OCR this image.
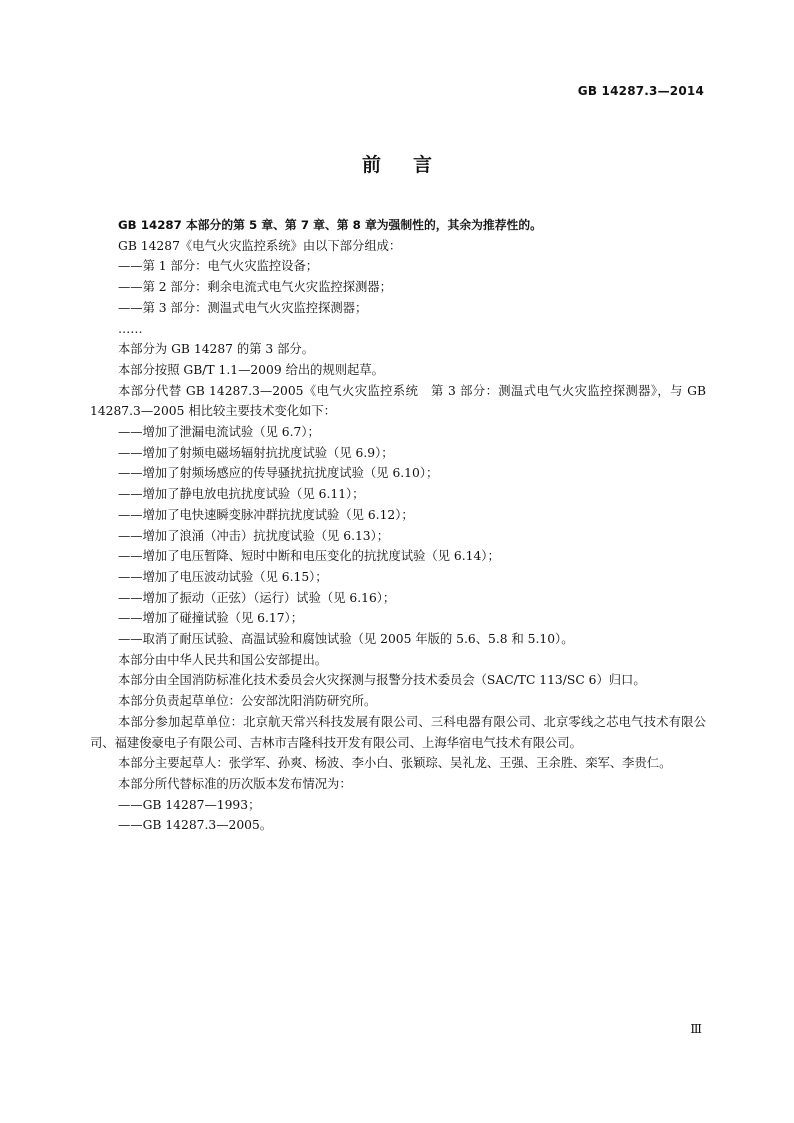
GB 14287.3—2014
前言

GB 14287 本部分的第 5 章、第 7 章、第 8 章为强制性的，其余为推荐性的。

GB 14287《电气火灾监控系统》由以下部分组成：

——第 1 部分：电气火灾监控设备；

——第 2 部分：剩余电流式电气火灾监控探测器；

——第 3 部分：测温式电气火灾监控探测器；

……

本部分为 GB 14287 的第 3 部分。

本部分按照 GB/T 1.1—2009 给出的规则起草。

本部分代替 GB 14287.3—2005《电气火灾监控系统　第 3 部分：测温式电气火灾监控探测器》，与 GB 14287.3—2005 相比较主要技术变化如下：

——增加了泄漏电流试验（见 6.7）；

——增加了射频电磁场辐射抗扰度试验（见 6.9）；

——增加了射频场感应的传导骚扰抗扰度试验（见 6.10）；

——增加了静电放电抗扰度试验（见 6.11）；

——增加了电快速瞬变脉冲群抗扰度试验（见 6.12）；

——增加了浪涌（冲击）抗扰度试验（见 6.13）；

——增加了电压暂降、短时中断和电压变化的抗扰度试验（见 6.14）；

——增加了电压波动试验（见 6.15）；

——增加了振动（正弦）（运行）试验（见 6.16）；

——增加了碰撞试验（见 6.17）；

——取消了耐压试验、高温试验和腐蚀试验（见 2005 年版的 5.6、5.8 和 5.10）。

本部分由中华人民共和国公安部提出。

本部分由全国消防标准化技术委员会火灾探测与报警分技术委员会（SAC/TC 113/SC 6）归口。

本部分负责起草单位：公安部沈阳消防研究所。

本部分参加起草单位：北京航天常兴科技发展有限公司、三科电器有限公司、北京零线之芯电气技术有限公司、福建俊豪电子有限公司、吉林市吉隆科技开发有限公司、上海华宿电气技术有限公司。

本部分主要起草人：张学军、孙爽、杨波、李小白、张颖琮、吴礼龙、王强、王余胜、栾军、李贵仁。

本部分所代替标准的历次版本发布情况为：

——GB 14287—1993；

——GB 14287.3—2005。

Ⅲ
